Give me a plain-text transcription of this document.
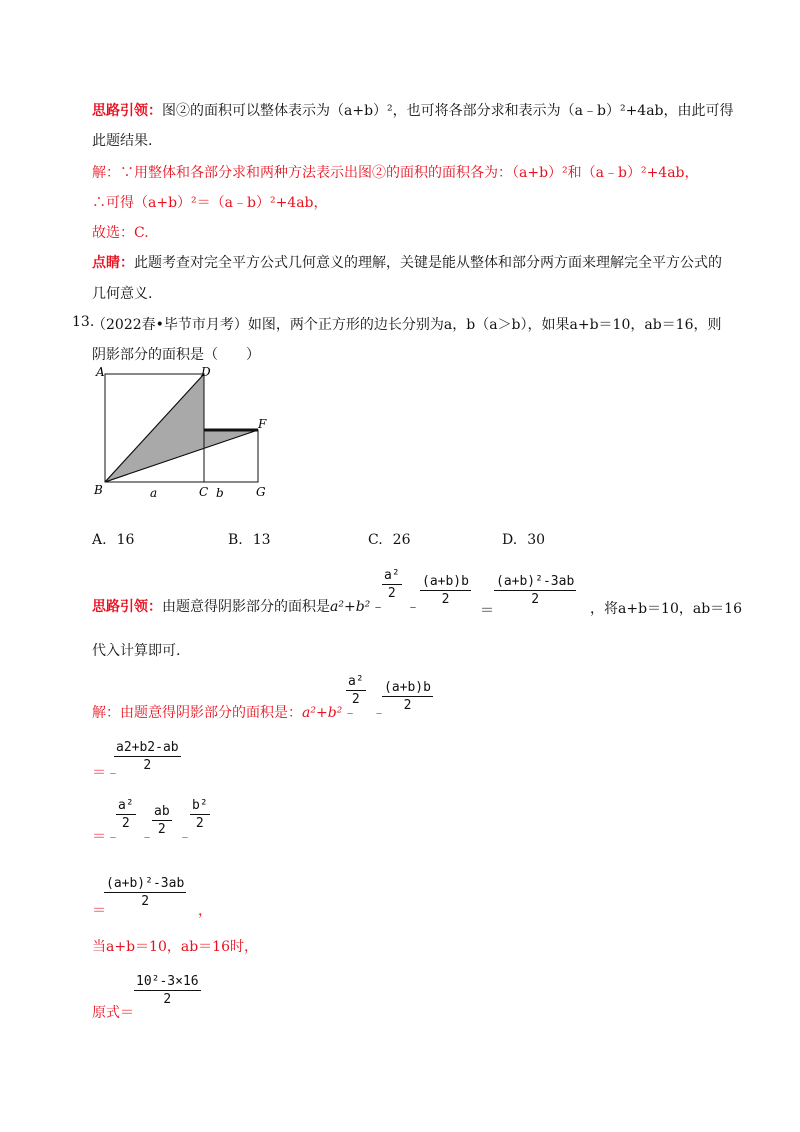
思路引领：图②的面积可以整体表示为（a+b）²，也可将各部分求和表示为（a﹣b）²+4ab，由此可得
此题结果.
解：∵用整体和各部分求和两种方法表示出图②的面积的面积各为：（a+b）²和（a﹣b）²+4ab，
∴可得（a+b）²＝（a﹣b）²+4ab，
故选：C.
点睛：此题考查对完全平方公式几何意义的理解，关键是能从整体和部分两方面来理解完全平方公式的
几何意义.
13.
（2022春•毕节市月考）如图，两个正方形的边长分别为a，b（a＞b），如果a+b＝10，ab＝16，则
阴影部分的面积是（　　）
A	D
F
B	a	C b	G
A. 16	B. 13	C. 26	D. 30
思路引领：由题意得阴影部分的面积是a²+b²﹣
a²
2
﹣
(a+b)b
2
＝
(a+b)²-3ab
2
，将a+b＝10，ab＝16
代入计算即可.
解：由题意得阴影部分的面积是：a²+b²﹣
a²
2
﹣
(a+b)b
2
＝﹣
a2+b2-ab
2
＝﹣
a²
2
﹣
ab
2 ﹣
b²
2
＝
(a+b)²-3ab
2
，
当a+b＝10，ab＝16时，
原式＝
10²-3×16
2
